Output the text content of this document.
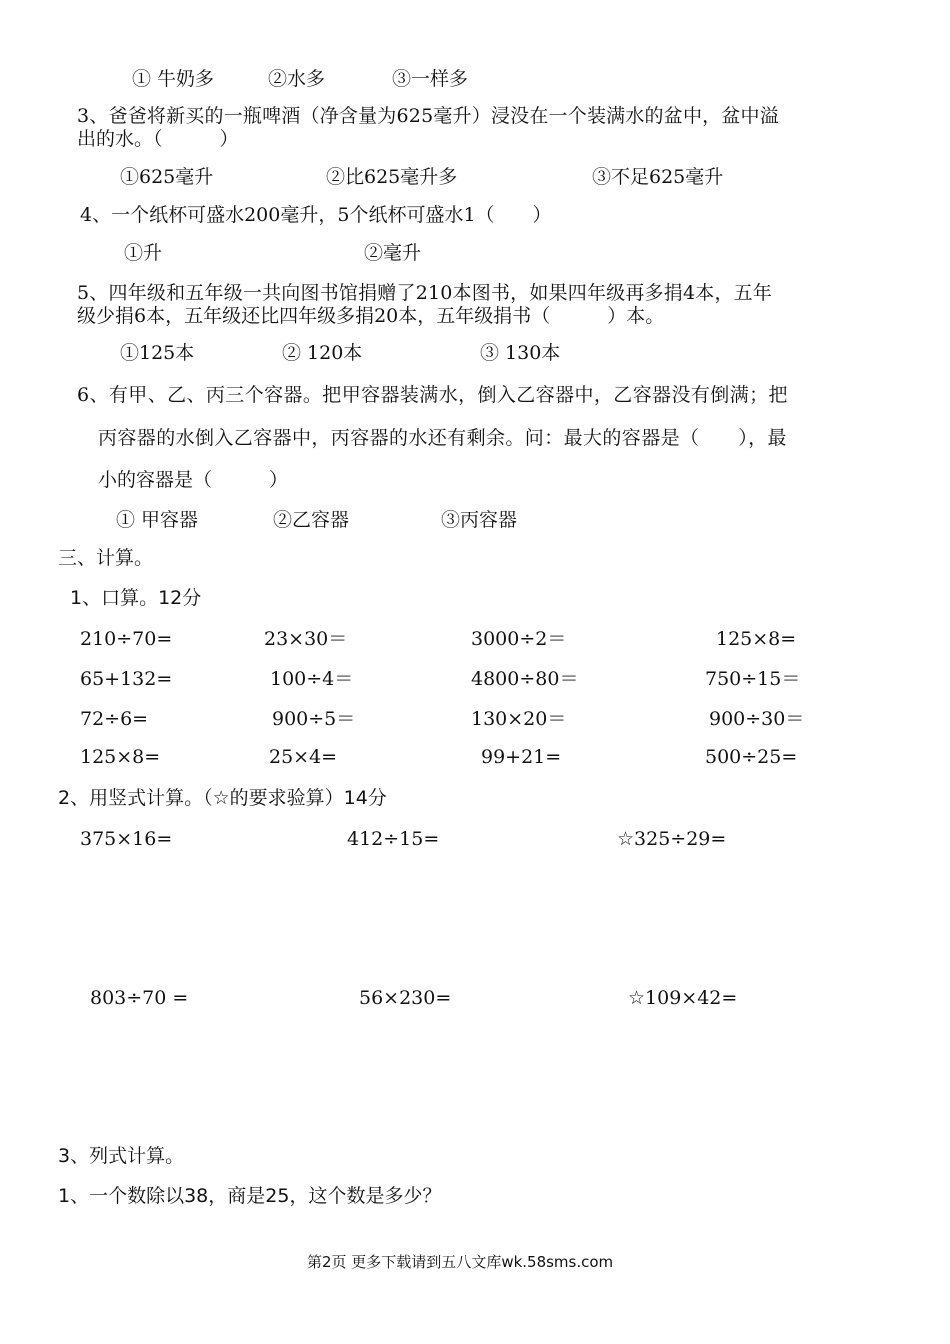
① 牛奶多	②水多	③一样多
3、爸爸将新买的一瓶啤酒（净含量为625毫升）浸没在一个装满水的盆中，盆中溢
出的水。（　　　）
①625毫升	②比625毫升多	③不足625毫升
4、一个纸杯可盛水200毫升，5个纸杯可盛水1（　　）
①升	②毫升
5、四年级和五年级一共向图书馆捐赠了210本图书，如果四年级再多捐4本，五年
级少捐6本，五年级还比四年级多捐20本，五年级捐书（　　　）本。
①125本	② 120本	③ 130本
6、有甲、乙、丙三个容器。把甲容器装满水，倒入乙容器中，乙容器没有倒满；把
丙容器的水倒入乙容器中，丙容器的水还有剩余。问：最大的容器是（　　），最
小的容器是（　　　）
① 甲容器	②乙容器	③丙容器
三、计算。
1、口算。12分
210÷70=	23×30＝	3000÷2＝	125×8=
65+132=	100÷4＝	4800÷80＝	750÷15＝
72÷6=	900÷5＝	130×20＝	900÷30＝
125×8=	25×4=	99+21=	500÷25=
2、用竖式计算。（☆的要求验算）14分
375×16=	412÷15=	☆325÷29=
803÷70 =	56×230=	☆109×42=
3、列式计算。
1、一个数除以38，商是25，这个数是多少？
第2页 更多下载请到五八文库wk.58sms.com
